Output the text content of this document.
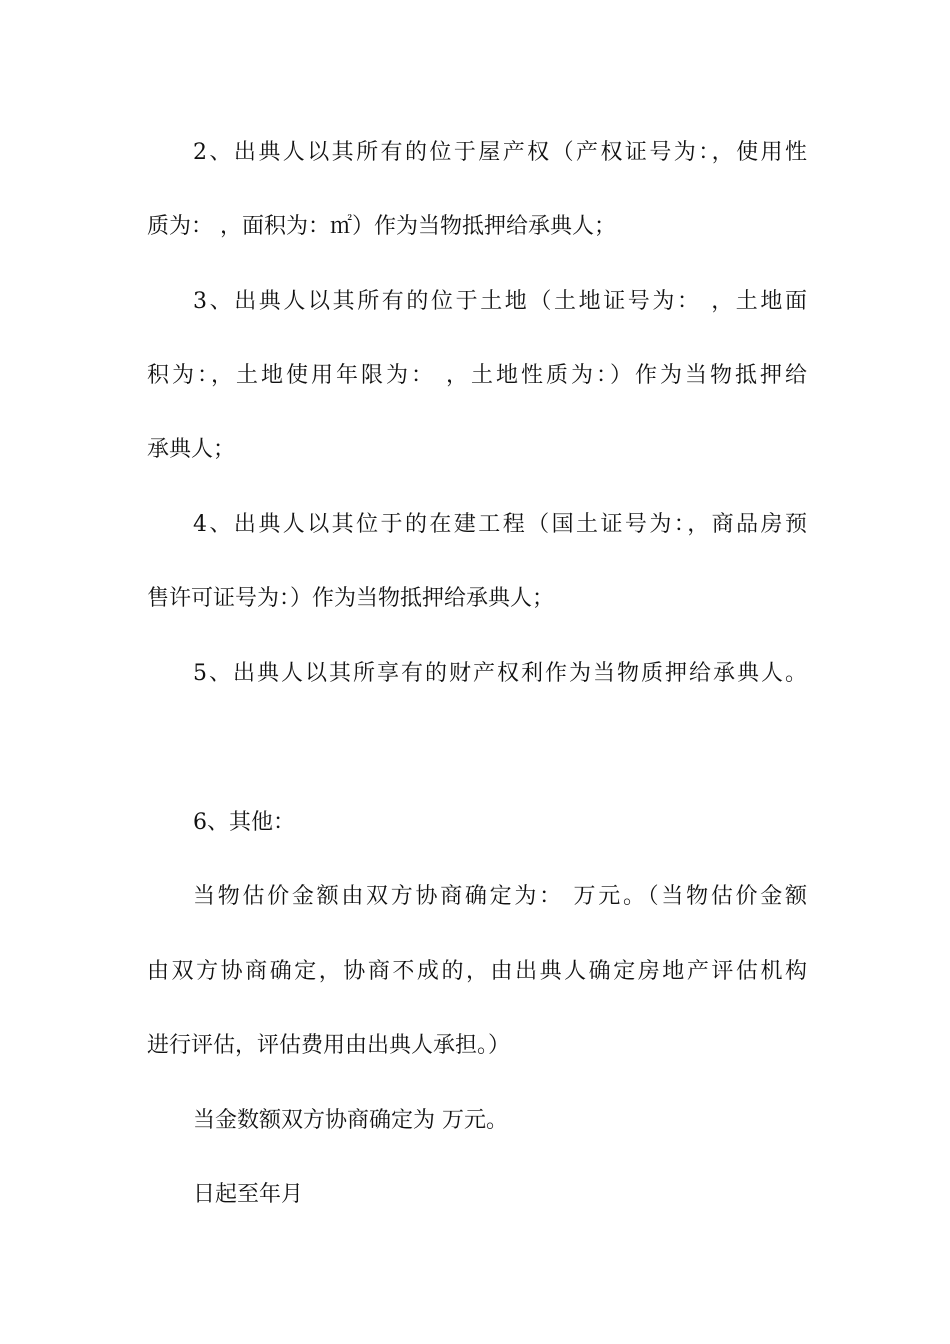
2、出典人以其所有的位于屋产权（产权证号为：，使用性
质为： ，面积为：㎡）作为当物抵押给承典人；
3、出典人以其所有的位于土地（土地证号为： ，土地面
积为：，土地使用年限为： ，土地性质为：）作为当物抵押给
承典人；
4、出典人以其位于的在建工程（国土证号为：，商品房预
售许可证号为：）作为当物抵押给承典人；
5、出典人以其所享有的财产权利作为当物质押给承典人。
6、其他：
当物估价金额由双方协商确定为： 万元。（当物估价金额
由双方协商确定，协商不成的，由出典人确定房地产评估机构
进行评估，评估费用由出典人承担。）
当金数额双方协商确定为 万元。
日起至年月
